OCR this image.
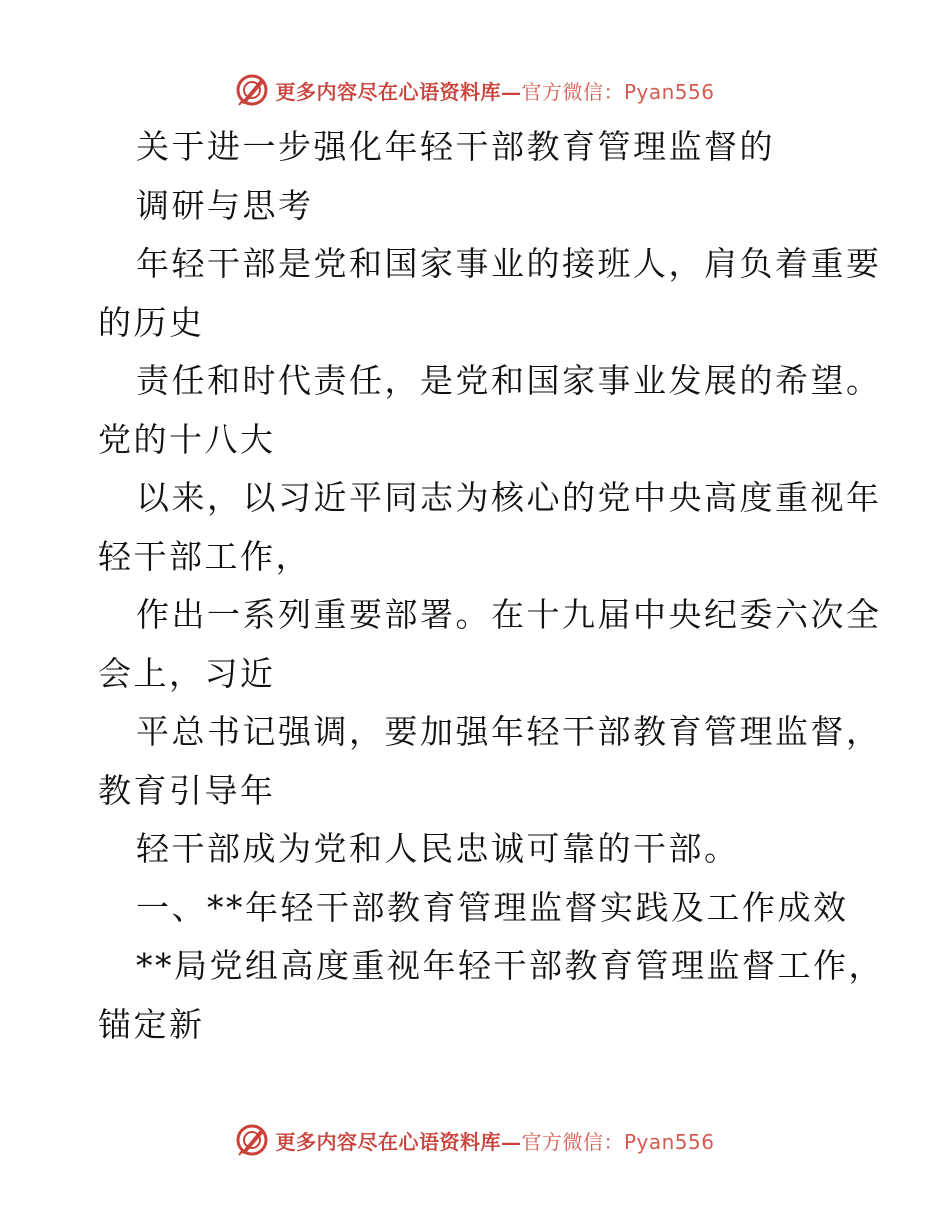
更多内容尽在心语资料库—官方微信：Pyan556
关于进一步强化年轻干部教育管理监督的
调研与思考
年轻干部是党和国家事业的接班人，肩负着重要
的历史
责任和时代责任，是党和国家事业发展的希望。
党的十八大
以来，以习近平同志为核心的党中央高度重视年
轻干部工作，
作出一系列重要部署。在十九届中央纪委六次全
会上，习近
平总书记强调，要加强年轻干部教育管理监督，
教育引导年
轻干部成为党和人民忠诚可靠的干部。
一、**年轻干部教育管理监督实践及工作成效
**局党组高度重视年轻干部教育管理监督工作，
锚定新
更多内容尽在心语资料库—官方微信：Pyan556
